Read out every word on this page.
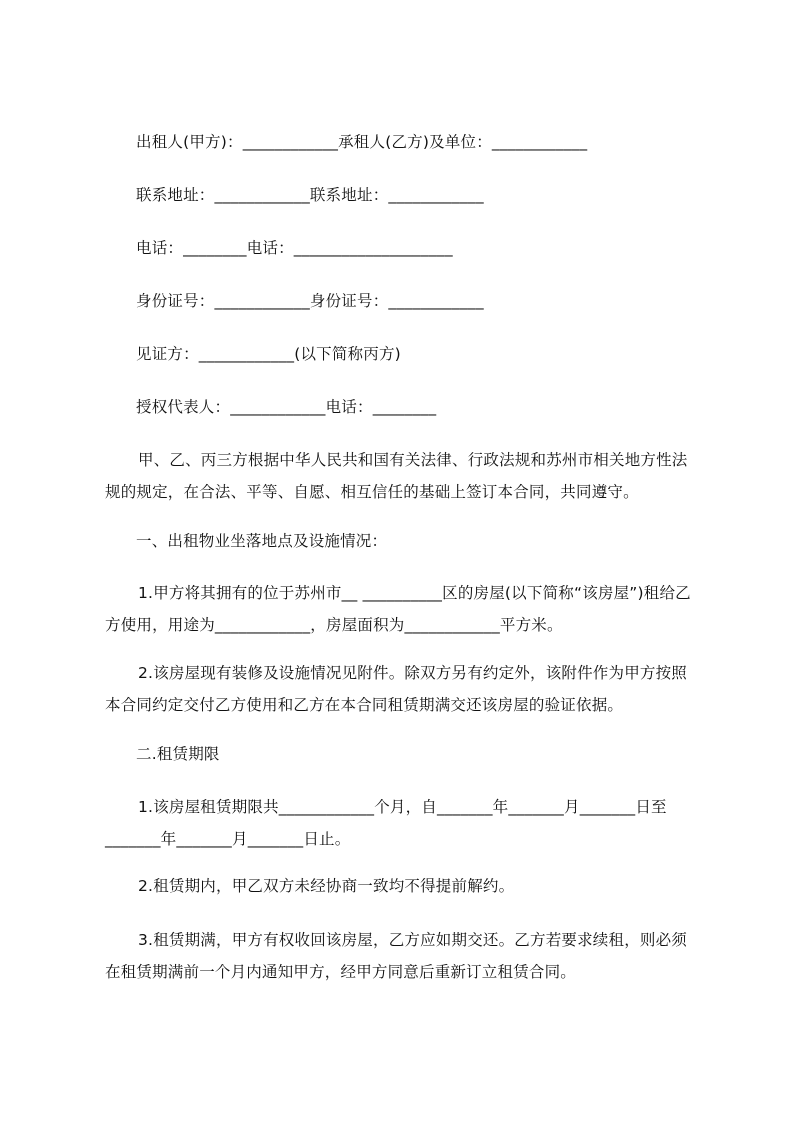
出租人(甲方)：____________承租人(乙方)及单位：____________
联系地址：____________联系地址：____________
电话：________电话：____________________
身份证号：____________身份证号：____________
见证方：____________(以下简称丙方)
授权代表人：____________电话：________
甲、乙、丙三方根据中华人民共和国有关法律、行政法规和苏州市相关地方性法规的规定，在合法、平等、自愿、相互信任的基础上签订本合同，共同遵守。
一、出租物业坐落地点及设施情况：
1.甲方将其拥有的位于苏州市__ __________区的房屋(以下简称“该房屋”)租给乙方使用，用途为____________，房屋面积为____________平方米。
2.该房屋现有装修及设施情况见附件。除双方另有约定外，该附件作为甲方按照本合同约定交付乙方使用和乙方在本合同租赁期满交还该房屋的验证依据。
二.租赁期限
1.该房屋租赁期限共____________个月，自_______年_______月_______日至_______年_______月_______日止。
2.租赁期内，甲乙双方未经协商一致均不得提前解约。
3.租赁期满，甲方有权收回该房屋，乙方应如期交还。乙方若要求续租，则必须在租赁期满前一个月内通知甲方，经甲方同意后重新订立租赁合同。
